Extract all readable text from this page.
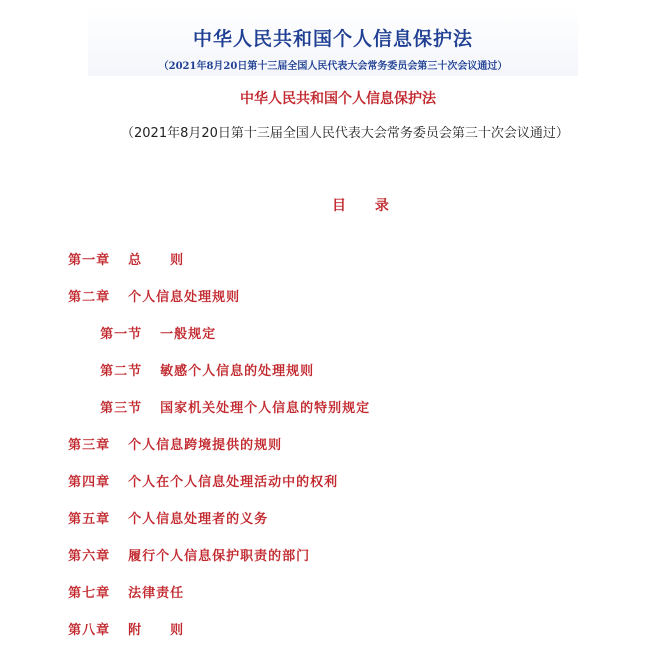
中华人民共和国个人信息保护法
（2021年8月20日第十三届全国人民代表大会常务委员会第三十次会议通过）
中华人民共和国个人信息保护法
（2021年8月20日第十三届全国人民代表大会常务委员会第三十次会议通过）
目 录

第一章 总　　则

第二章 个人信息处理规则

第一节 一般规定

第二节 敏感个人信息的处理规则

第三节 国家机关处理个人信息的特别规定

第三章 个人信息跨境提供的规则

第四章 个人在个人信息处理活动中的权利

第五章 个人信息处理者的义务

第六章 履行个人信息保护职责的部门

第七章 法律责任

第八章 附　　则
